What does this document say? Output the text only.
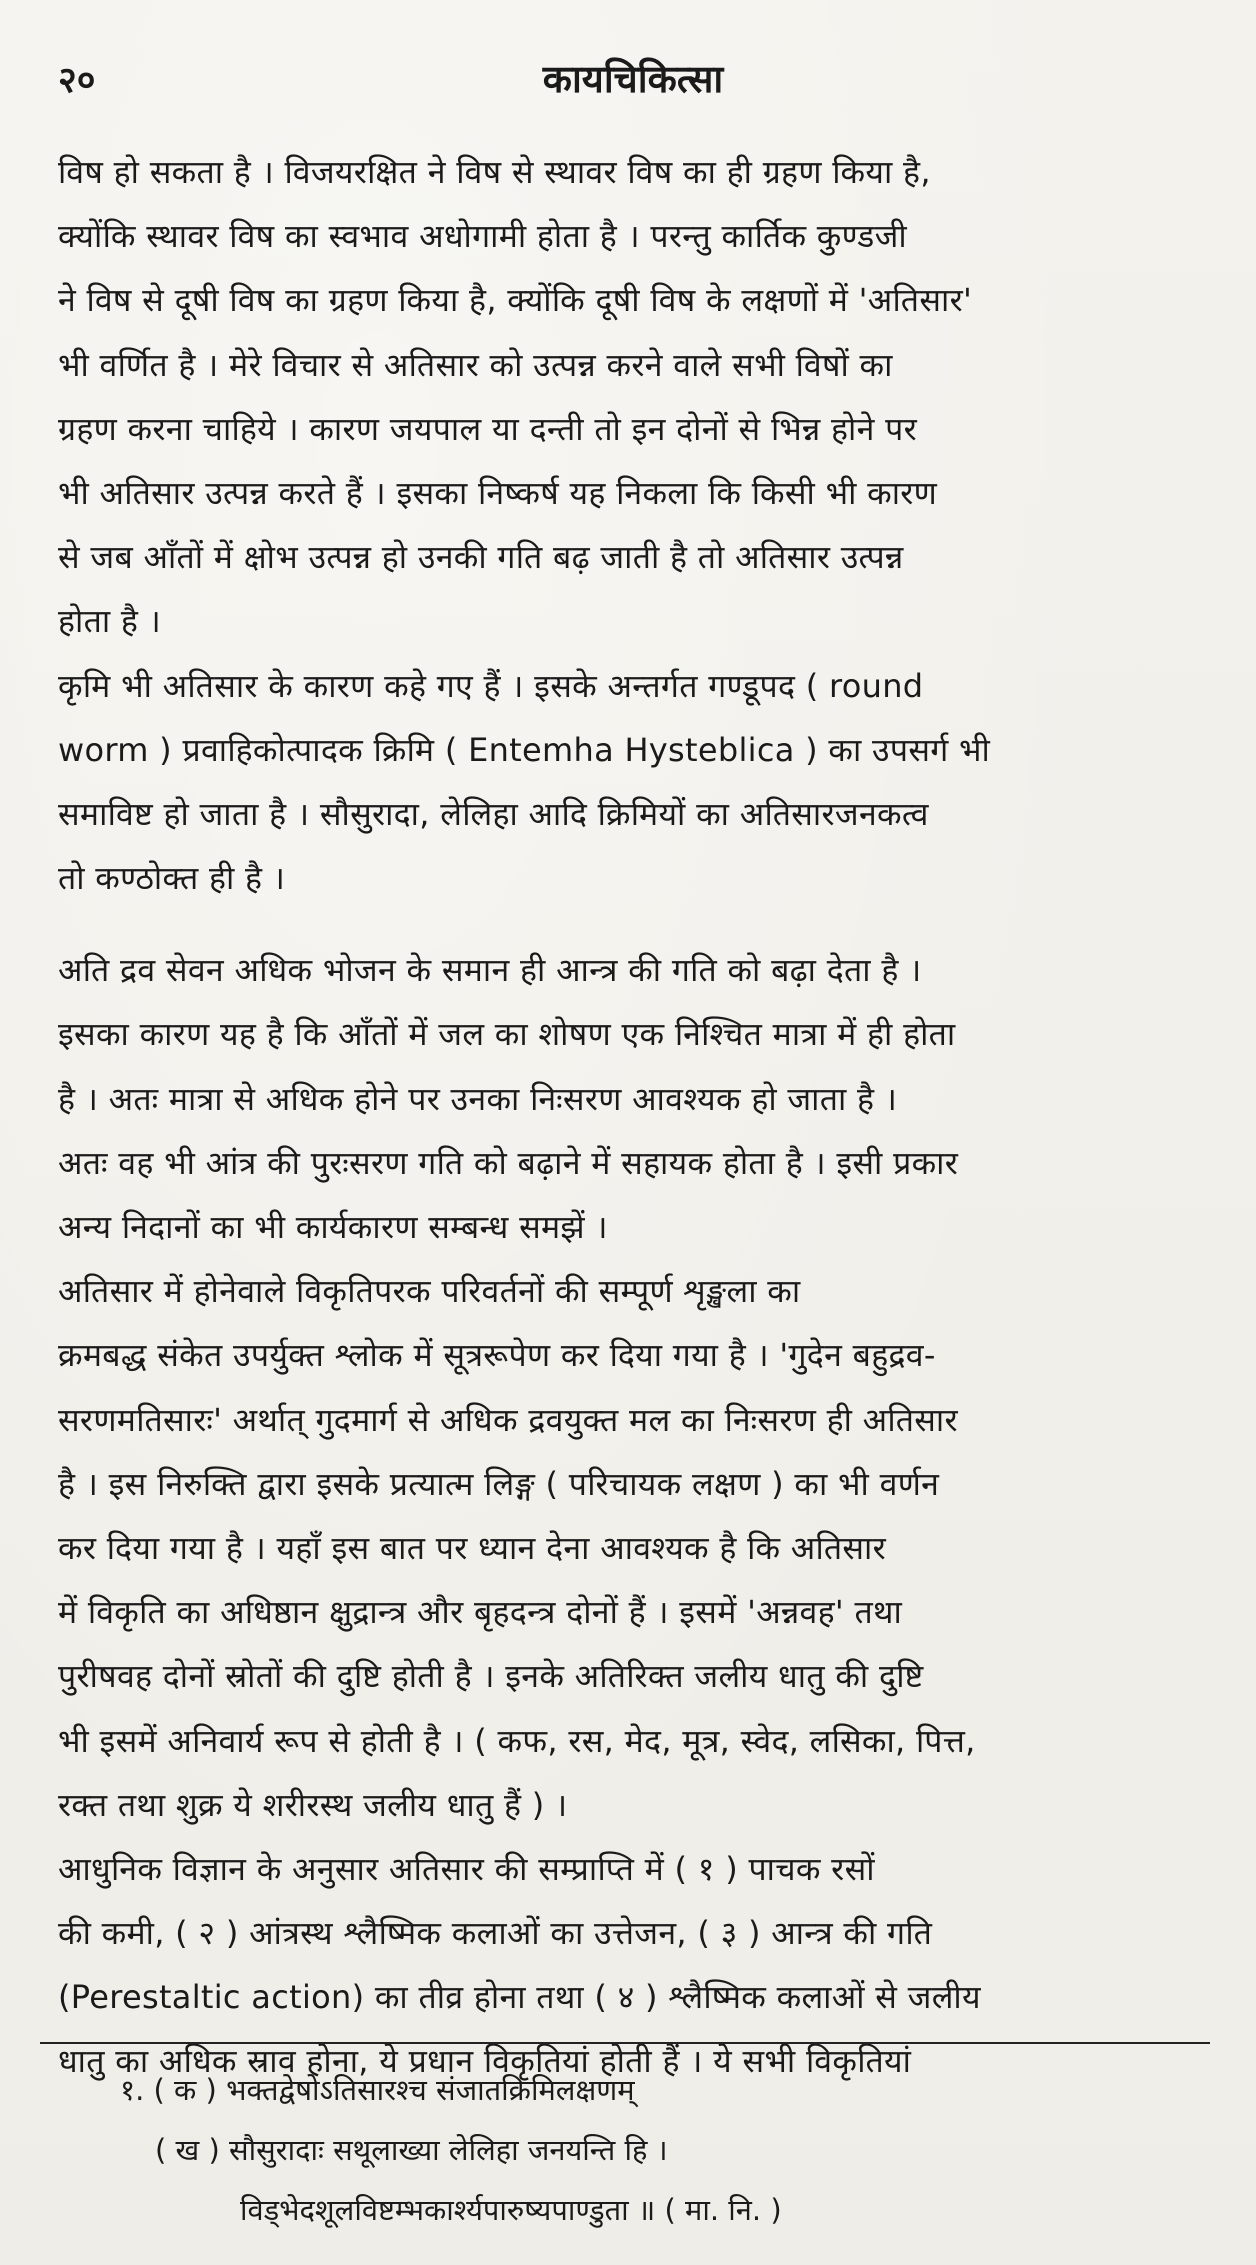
२०	कायचिकित्सा
विष हो सकता है । विजयरक्षित ने विष से स्थावर विष का ही ग्रहण किया है,
क्योंकि स्थावर विष का स्वभाव अधोगामी होता है । परन्तु कार्तिक कुण्डजी
ने विष से दूषी विष का ग्रहण किया है, क्योंकि दूषी विष के लक्षणों में 'अतिसार'
भी वर्णित है । मेरे विचार से अतिसार को उत्पन्न करने वाले सभी विषों का
ग्रहण करना चाहिये । कारण जयपाल या दन्ती तो इन दोनों से भिन्न होने पर
भी अतिसार उत्पन्न करते हैं । इसका निष्कर्ष यह निकला कि किसी भी कारण
से जब आँतों में क्षोभ उत्पन्न हो उनकी गति बढ़ जाती है तो अतिसार उत्पन्न
होता है ।
कृमि भी अतिसार के कारण कहे गए हैं । इसके अन्तर्गत गण्डूपद ( round
worm ) प्रवाहिकोत्पादक क्रिमि ( Entemha Hysteblica ) का उपसर्ग भी
समाविष्ट हो जाता है । सौसुरादा, लेलिहा आदि क्रिमियों का अतिसारजनकत्व
तो कण्ठोक्त ही है ।
अति द्रव सेवन अधिक भोजन के समान ही आन्त्र की गति को बढ़ा देता है ।
इसका कारण यह है कि आँतों में जल का शोषण एक निश्चित मात्रा में ही होता
है । अतः मात्रा से अधिक होने पर उनका निःसरण आवश्यक हो जाता है ।
अतः वह भी आंत्र की पुरःसरण गति को बढ़ाने में सहायक होता है । इसी प्रकार
अन्य निदानों का भी कार्यकारण सम्बन्ध समझें ।
अतिसार में होनेवाले विकृतिपरक परिवर्तनों की सम्पूर्ण शृङ्खला का
क्रमबद्ध संकेत उपर्युक्त श्लोक में सूत्ररूपेण कर दिया गया है । 'गुदेन बहुद्रव-
सरणमतिसारः' अर्थात् गुदमार्ग से अधिक द्रवयुक्त मल का निःसरण ही अतिसार
है । इस निरुक्ति द्वारा इसके प्रत्यात्म लिङ्ग ( परिचायक लक्षण ) का भी वर्णन
कर दिया गया है । यहाँ इस बात पर ध्यान देना आवश्यक है कि अतिसार
में विकृति का अधिष्ठान क्षुद्रान्त्र और बृहदन्त्र दोनों हैं । इसमें 'अन्नवह' तथा
पुरीषवह दोनों स्रोतों की दुष्टि होती है । इनके अतिरिक्त जलीय धातु की दुष्टि
भी इसमें अनिवार्य रूप से होती है । ( कफ, रस, मेद, मूत्र, स्वेद, लसिका, पित्त,
रक्त तथा शुक्र ये शरीरस्थ जलीय धातु हैं ) ।
आधुनिक विज्ञान के अनुसार अतिसार की सम्प्राप्ति में ( १ ) पाचक रसों
की कमी, ( २ ) आंत्रस्थ श्लैष्मिक कलाओं का उत्तेजन, ( ३ ) आन्त्र की गति
(Perestaltic action) का तीव्र होना तथा ( ४ ) श्लैष्मिक कलाओं से जलीय
धातु का अधिक स्राव होना, ये प्रधान विकृतियां होती हैं । ये सभी विकृतियां
१. ( क ) भक्तद्वेषोऽतिसारश्च संजातक्रिमिलक्षणम्
( ख ) सौसुरादाः सथूलाख्या लेलिहा जनयन्ति हि ।
विड्भेदशूलविष्टम्भकार्श्यपारुष्यपाण्डुता ॥ ( मा. नि. )
